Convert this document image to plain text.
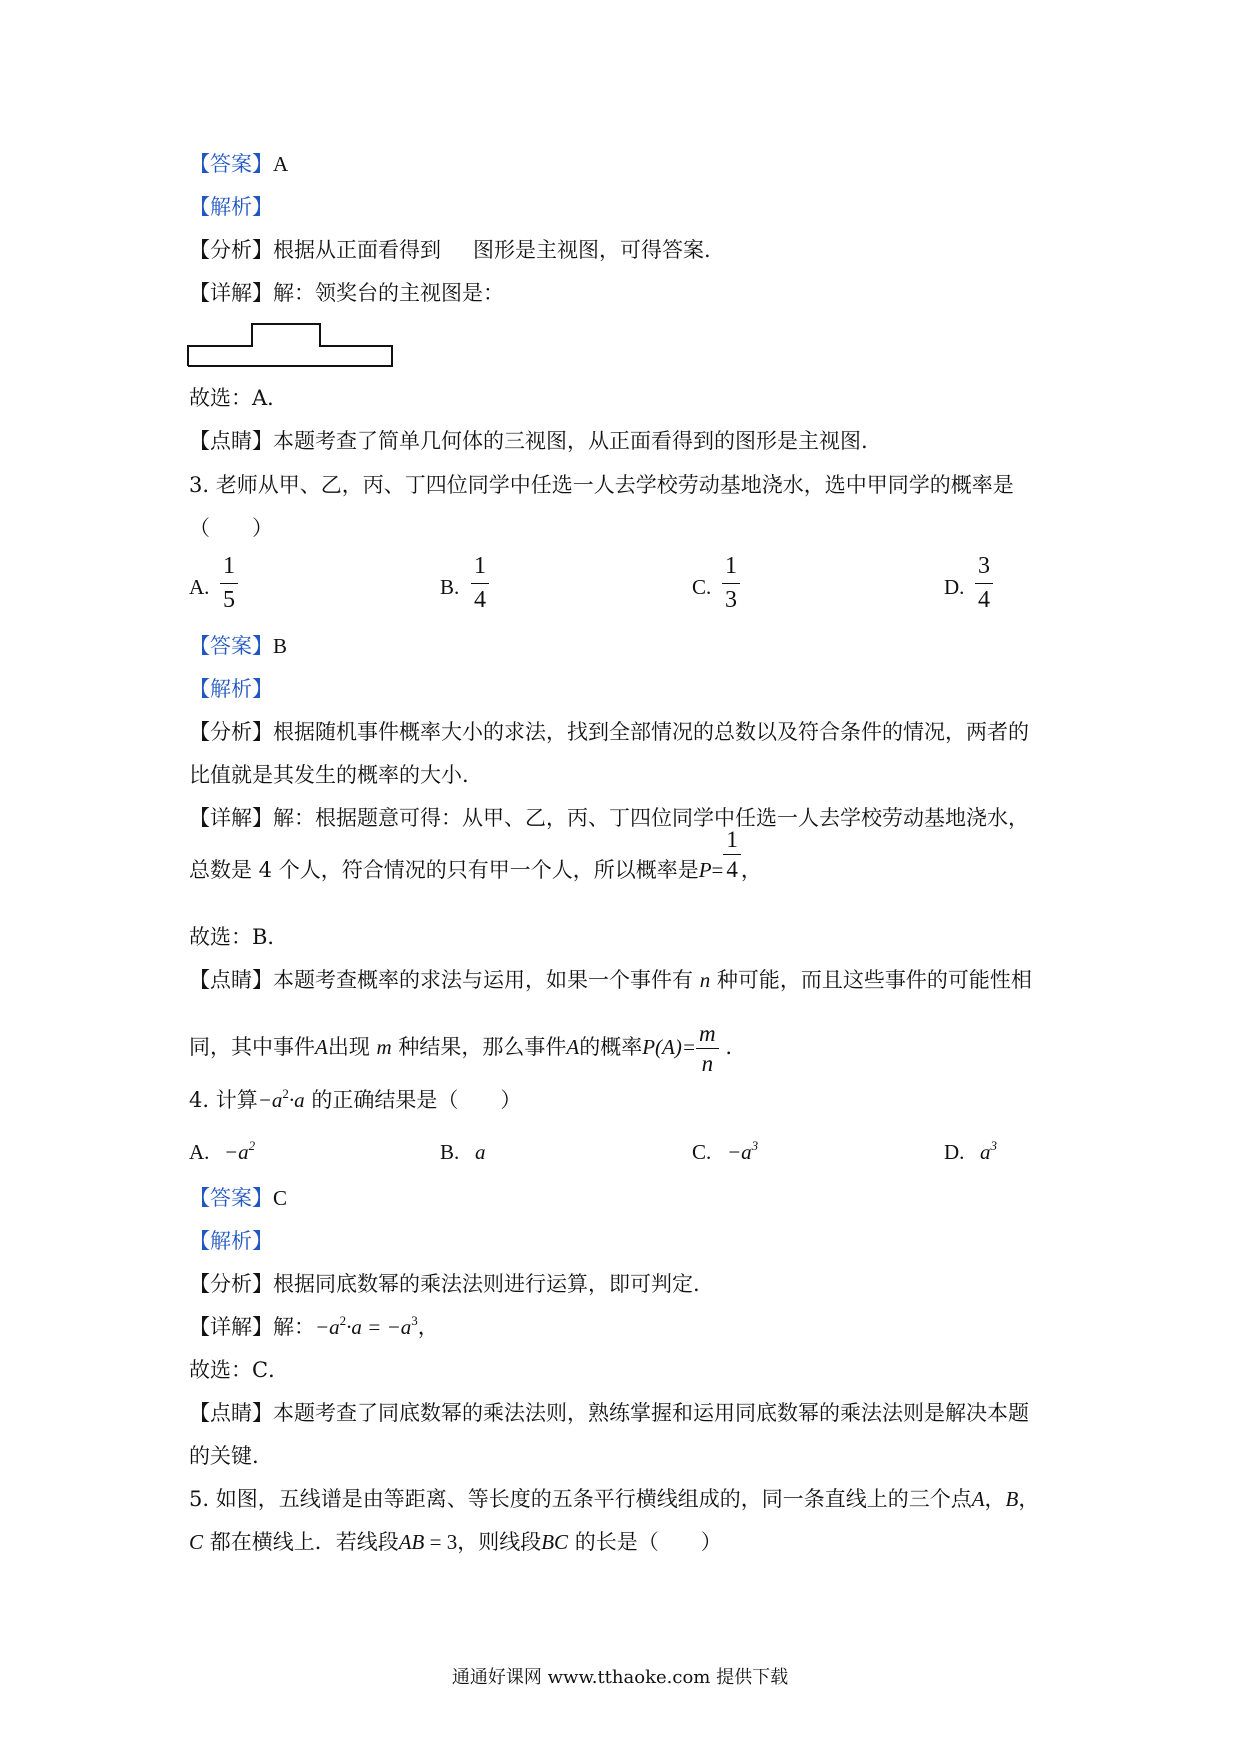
【答案】A
【解析】
【分析】根据从正面看得到 图形是主视图，可得答案.
【详解】解：领奖台的主视图是：
故选：A．
【点睛】本题考查了简单几何体的三视图，从正面看得到的图形是主视图.
3. 老师从甲、乙，丙、丁四位同学中任选一人去学校劳动基地浇水，选中甲同学的概率是
（　　）
A. $\frac{1}{5}$	B. $\frac{1}{4}$	C. $\frac{1}{3}$	D. $\frac{3}{4}$
【答案】B
【解析】
【分析】根据随机事件概率大小的求法，找到全部情况的总数以及符合条件的情况，两者的
比值就是其发生的概率的大小.
【详解】解：根据题意可得：从甲、乙，丙、丁四位同学中任选一人去学校劳动基地浇水，
总数是 4 个人，符合情况的只有甲一个人，所以概率是$P= \frac{1}{4}$ ，
故选：B．
【点睛】本题考查概率的求法与运用，如果一个事件有 n 种可能，而且这些事件的可能性相
同，其中事件A出现 m 种结果，那么事件A的概率$P(A)= \frac{m}{n}$ .
4. 计算$-a^2\cdot a$ 的正确结果是（　　）
A. $-a^2$	B. a	C. $-a^3$	D. $a^3$
【答案】C
【解析】
【分析】根据同底数幂的乘法法则进行运算，即可判定.
【详解】解：$-a^2\cdot a = -a^3$，
故选：C．
【点睛】本题考查了同底数幂的乘法法则，熟练掌握和运用同底数幂的乘法法则是解决本题
的关键.
5. 如图，五线谱是由等距离、等长度的五条平行横线组成的，同一条直线上的三个点A，B，
C 都在横线上．若线段AB = 3，则线段BC 的长是（　　）
通通好课网 www.tthaoke.com 提供下载
